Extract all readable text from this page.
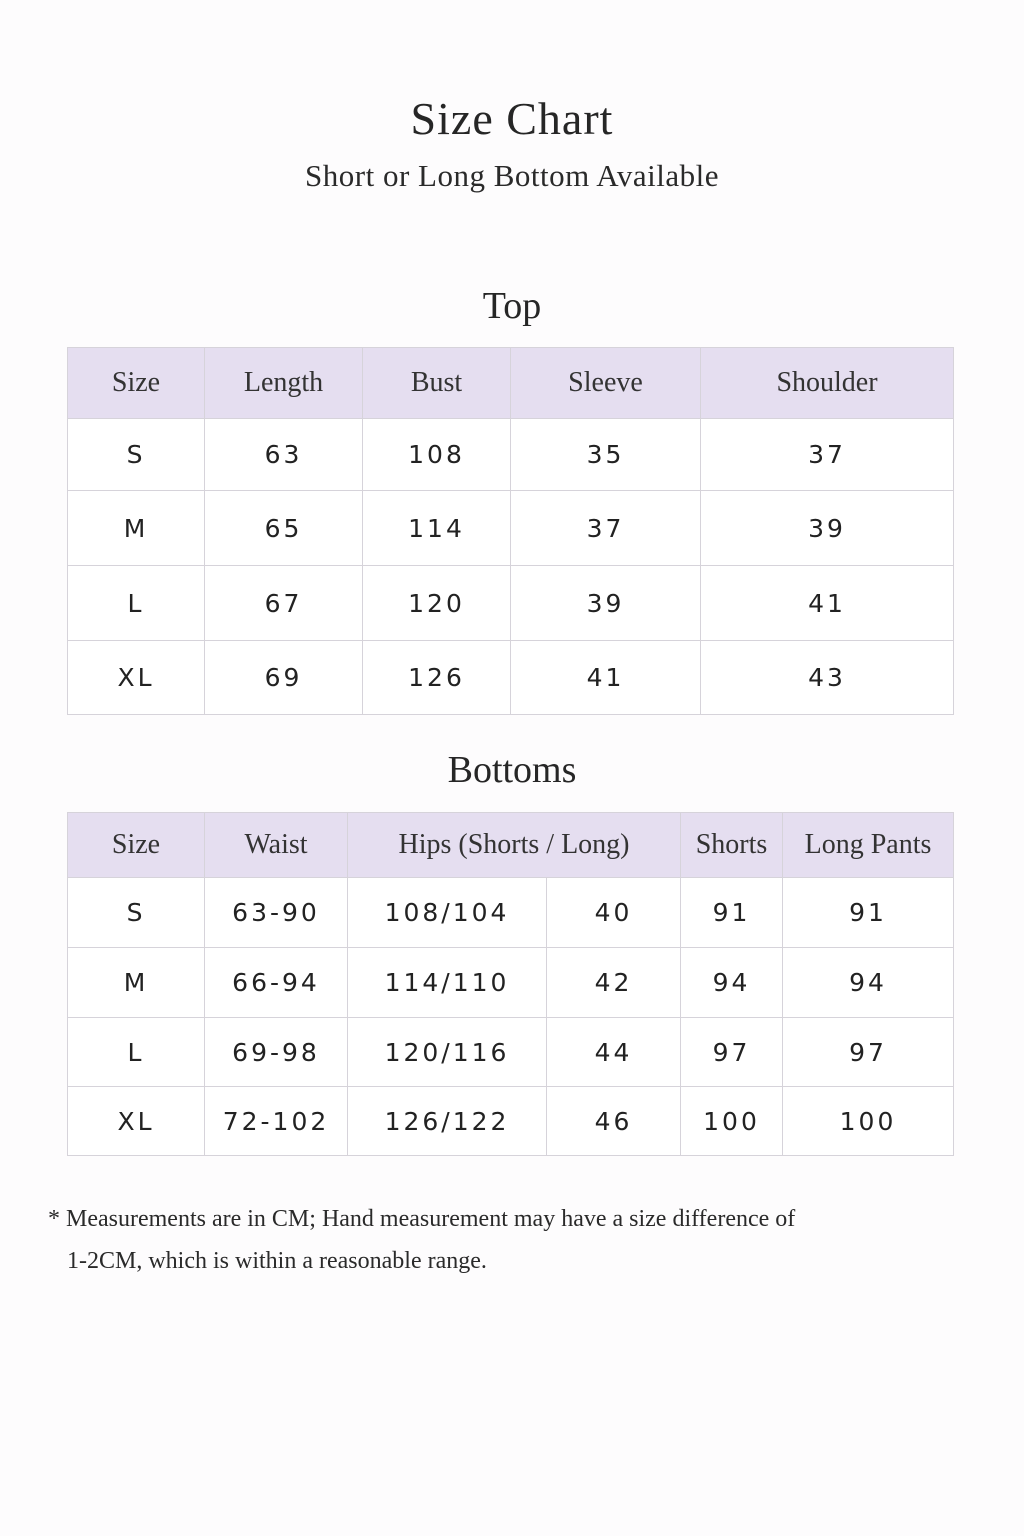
Size Chart
Short or Long Bottom Available
Top
Size	Length	Bust	Sleeve	Shoulder
S	63	108	35	37
M	65	114	37	39
L	67	120	39	41
XL	69	126	41	43
Bottoms
Size	Waist	Hips (Shorts / Long)		Shorts	Long Pants
S	63-90	108/104	40	91	91
M	66-94	114/110	42	94	94
L	69-98	120/116	44	97	97
XL	72-102	126/122	46	100	100
* Measurements are in CM; Hand measurement may have a size difference of
1-2CM, which is within a reasonable range.
